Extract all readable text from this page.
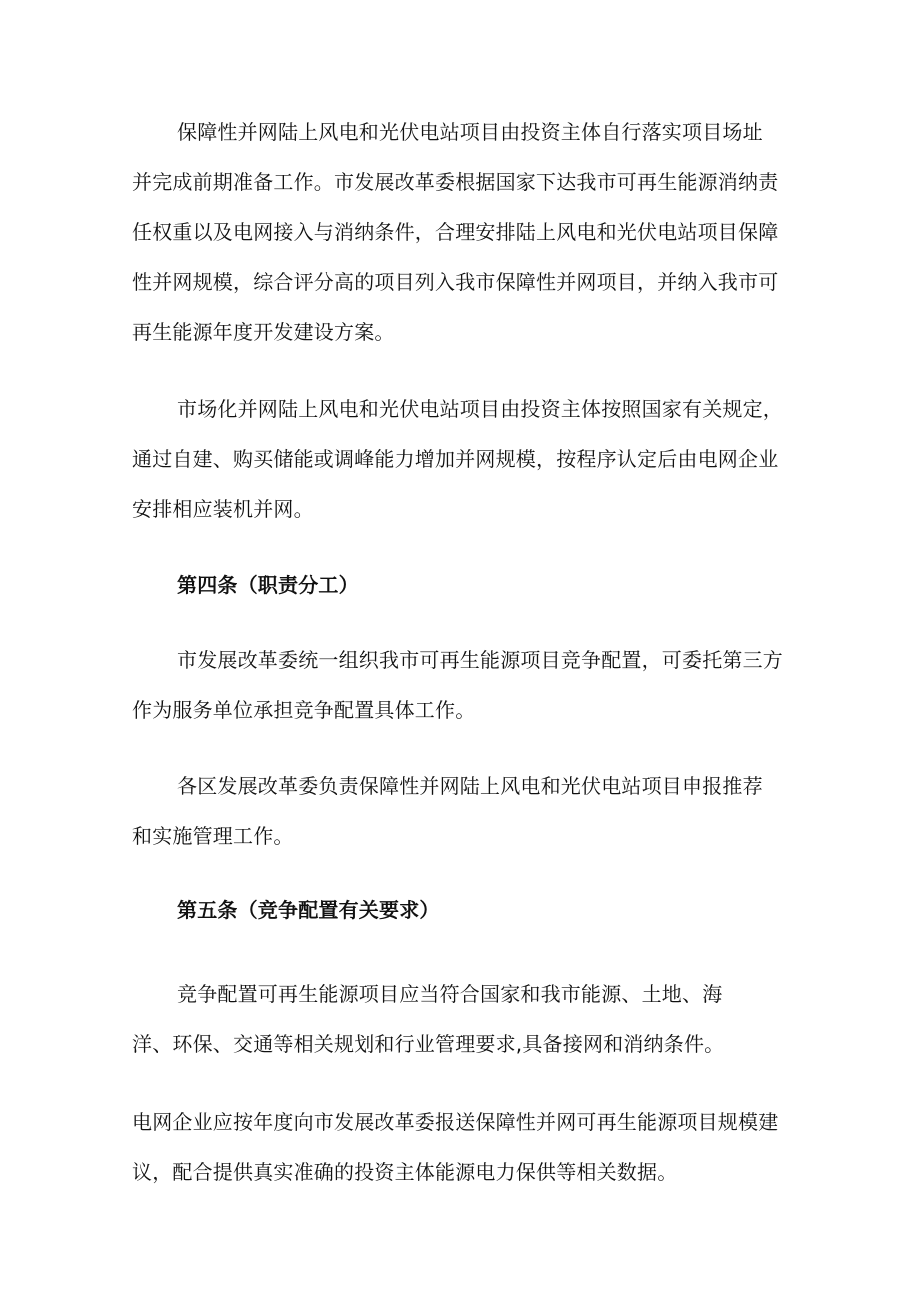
保障性并网陆上风电和光伏电站项目由投资主体自行落实项目场址
并完成前期准备工作。市发展改革委根据国家下达我市可再生能源消纳责
任权重以及电网接入与消纳条件，合理安排陆上风电和光伏电站项目保障
性并网规模，综合评分高的项目列入我市保障性并网项目，并纳入我市可
再生能源年度开发建设方案。
市场化并网陆上风电和光伏电站项目由投资主体按照国家有关规定，
通过自建、购买储能或调峰能力增加并网规模，按程序认定后由电网企业
安排相应装机并网。
第四条（职责分工）
市发展改革委统一组织我市可再生能源项目竞争配置，可委托第三方
作为服务单位承担竞争配置具体工作。
各区发展改革委负责保障性并网陆上风电和光伏电站项目申报推荐
和实施管理工作。
第五条（竞争配置有关要求）
竞争配置可再生能源项目应当符合国家和我市能源、土地、海
洋、环保、交通等相关规划和行业管理要求,具备接网和消纳条件。
电网企业应按年度向市发展改革委报送保障性并网可再生能源项目规模建
议，配合提供真实准确的投资主体能源电力保供等相关数据。
